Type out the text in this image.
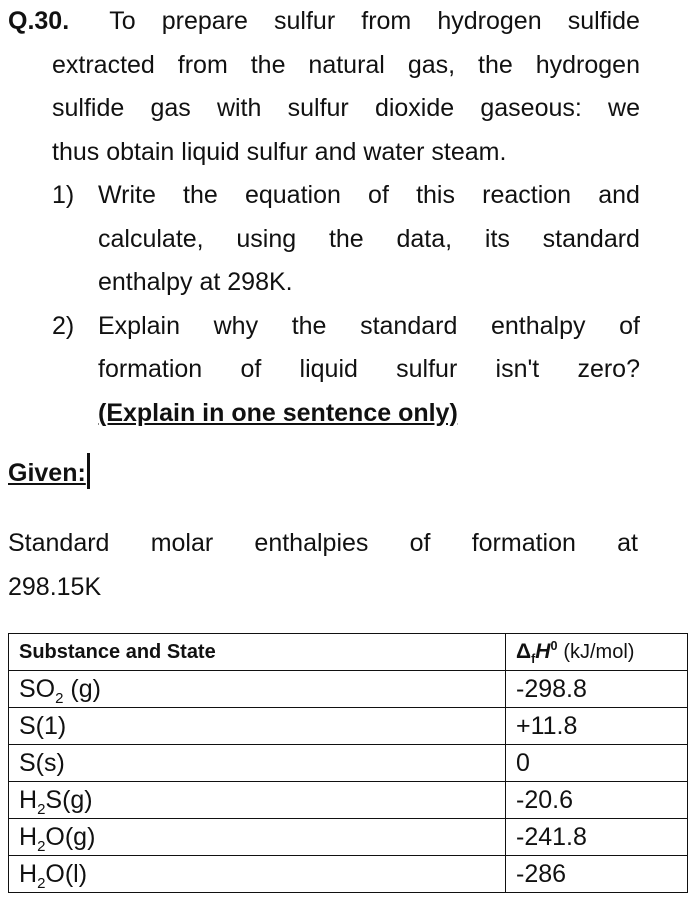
Q.30. To prepare sulfur from hydrogen sulfide
extracted from the natural gas, the hydrogen
sulfide gas with sulfur dioxide gaseous: we
thus obtain liquid sulfur and water steam.
1) Write the equation of this reaction and
calculate, using the data, its standard
enthalpy at 298K.
2) Explain why the standard enthalpy of
formation of liquid sulfur isn't zero?
(Explain in one sentence only)
Given:
Standard molar enthalpies of formation at
298.15K
Substance and State	$\Delta_fH^0$ (kJ/mol)
$SO_2$ (g)	-298.8
S(1)	+11.8
S(s)	0
$H_2S(g)$	-20.6
$H_2O(g)$	-241.8
$H_2O(l)$	-286
